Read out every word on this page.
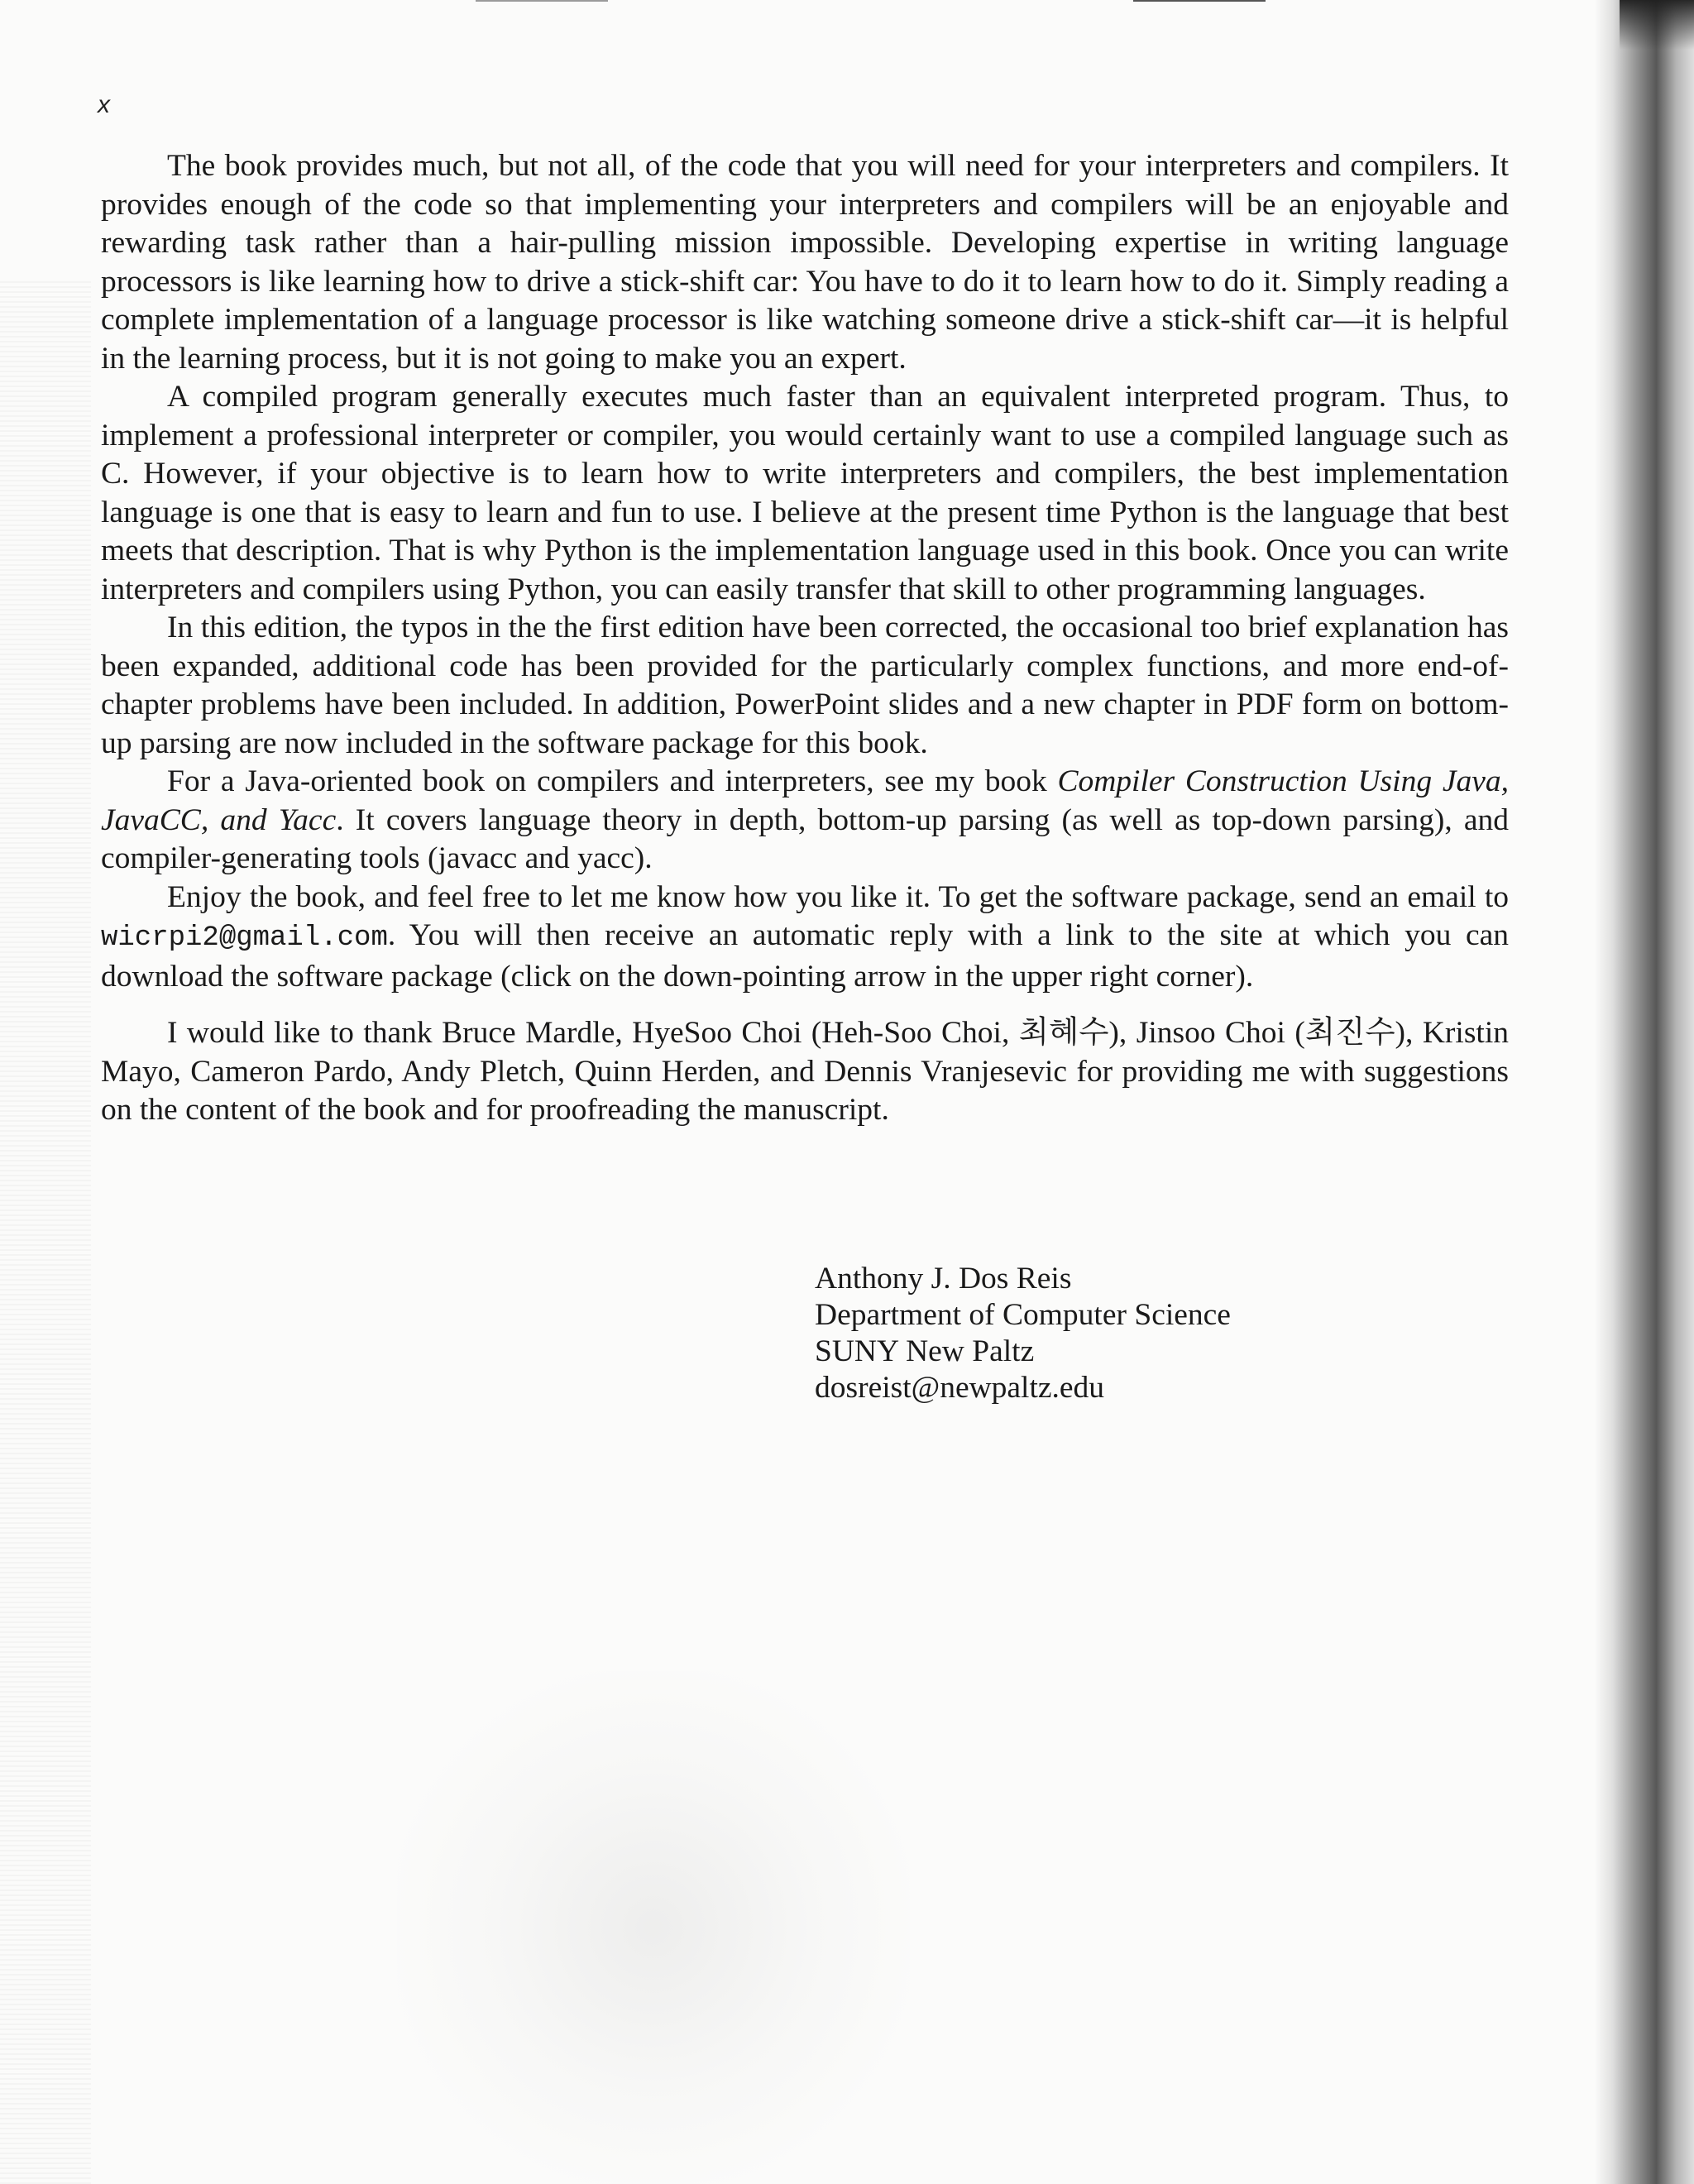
x

The book provides much, but not all, of the code that you will need for your interpreters and compilers. It provides enough of the code so that implementing your interpreters and compilers will be an enjoyable and rewarding task rather than a hair-pulling mission impossible. Developing expertise in writing language processors is like learning how to drive a stick-shift car: You have to do it to learn how to do it. Simply reading a complete implementation of a language processor is like watching someone drive a stick-shift car—it is helpful in the learning process, but it is not going to make you an expert.

A compiled program generally executes much faster than an equivalent interpreted program. Thus, to implement a professional interpreter or compiler, you would certainly want to use a compiled language such as C. However, if your objective is to learn how to write interpreters and compilers, the best implementation language is one that is easy to learn and fun to use. I believe at the present time Python is the language that best meets that description. That is why Python is the implementation language used in this book. Once you can write interpreters and compilers using Python, you can easily transfer that skill to other programming languages.

In this edition, the typos in the the first edition have been corrected, the occasional too brief explanation has been expanded, additional code has been provided for the particularly complex functions, and more end-of-chapter problems have been included. In addition, PowerPoint slides and a new chapter in PDF form on bottom-up parsing are now included in the software package for this book.

For a Java-oriented book on compilers and interpreters, see my book Compiler Construction Using Java, JavaCC, and Yacc. It covers language theory in depth, bottom-up parsing (as well as top-down parsing), and compiler-generating tools (javacc and yacc).

Enjoy the book, and feel free to let me know how you like it. To get the software package, send an email to wicrpi2@gmail.com. You will then receive an automatic reply with a link to the site at which you can download the software package (click on the down-pointing arrow in the upper right corner).

I would like to thank Bruce Mardle, HyeSoo Choi (Heh-Soo Choi, 최혜수), Jinsoo Choi (최진수), Kristin Mayo, Cameron Pardo, Andy Pletch, Quinn Herden, and Dennis Vranjesevic for providing me with suggestions on the content of the book and for proofreading the manuscript.

Anthony J. Dos Reis
Department of Computer Science
SUNY New Paltz
dosreist@newpaltz.edu
